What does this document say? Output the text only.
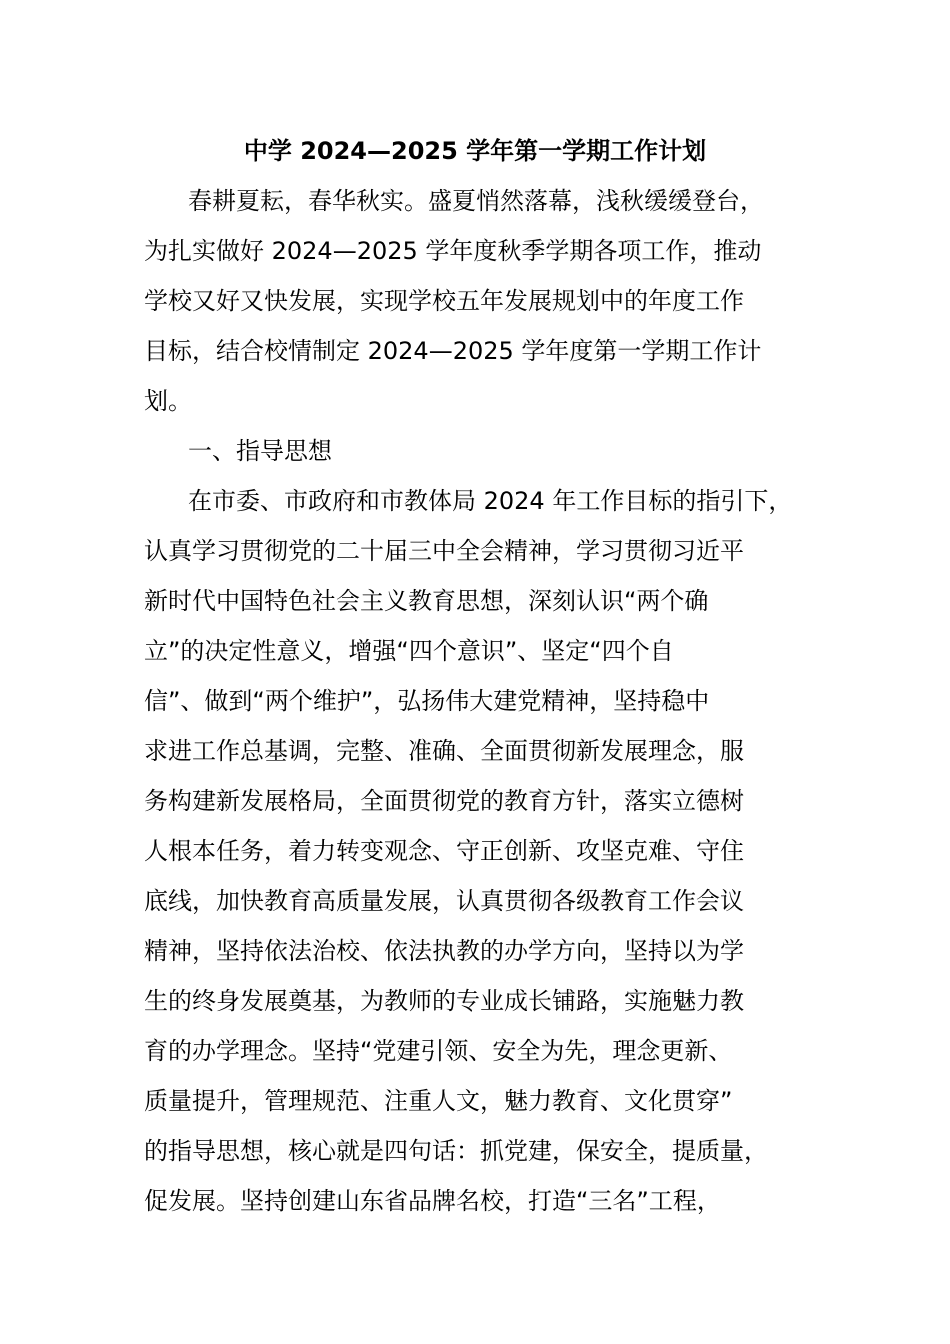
中学 2024—2025 学年第一学期工作计划
春耕夏耘，春华秋实。盛夏悄然落幕，浅秋缓缓登台，
为扎实做好 2024—2025 学年度秋季学期各项工作，推动
学校又好又快发展，实现学校五年发展规划中的年度工作
目标，结合校情制定 2024—2025 学年度第一学期工作计
划。
一、指导思想
在市委、市政府和市教体局 2024 年工作目标的指引下，
认真学习贯彻党的二十届三中全会精神，学习贯彻习近平
新时代中国特色社会主义教育思想，深刻认识“两个确
立”的决定性意义，增强“四个意识”、坚定“四个自
信”、做到“两个维护”，弘扬伟大建党精神，坚持稳中
求进工作总基调，完整、准确、全面贯彻新发展理念，服
务构建新发展格局，全面贯彻党的教育方针，落实立德树
人根本任务，着力转变观念、守正创新、攻坚克难、守住
底线，加快教育高质量发展，认真贯彻各级教育工作会议
精神，坚持依法治校、依法执教的办学方向，坚持以为学
生的终身发展奠基，为教师的专业成长铺路，实施魅力教
育的办学理念。坚持“党建引领、安全为先，理念更新、
质量提升，管理规范、注重人文，魅力教育、文化贯穿”
的指导思想，核心就是四句话：抓党建，保安全，提质量，
促发展。坚持创建山东省品牌名校，打造“三名”工程，
